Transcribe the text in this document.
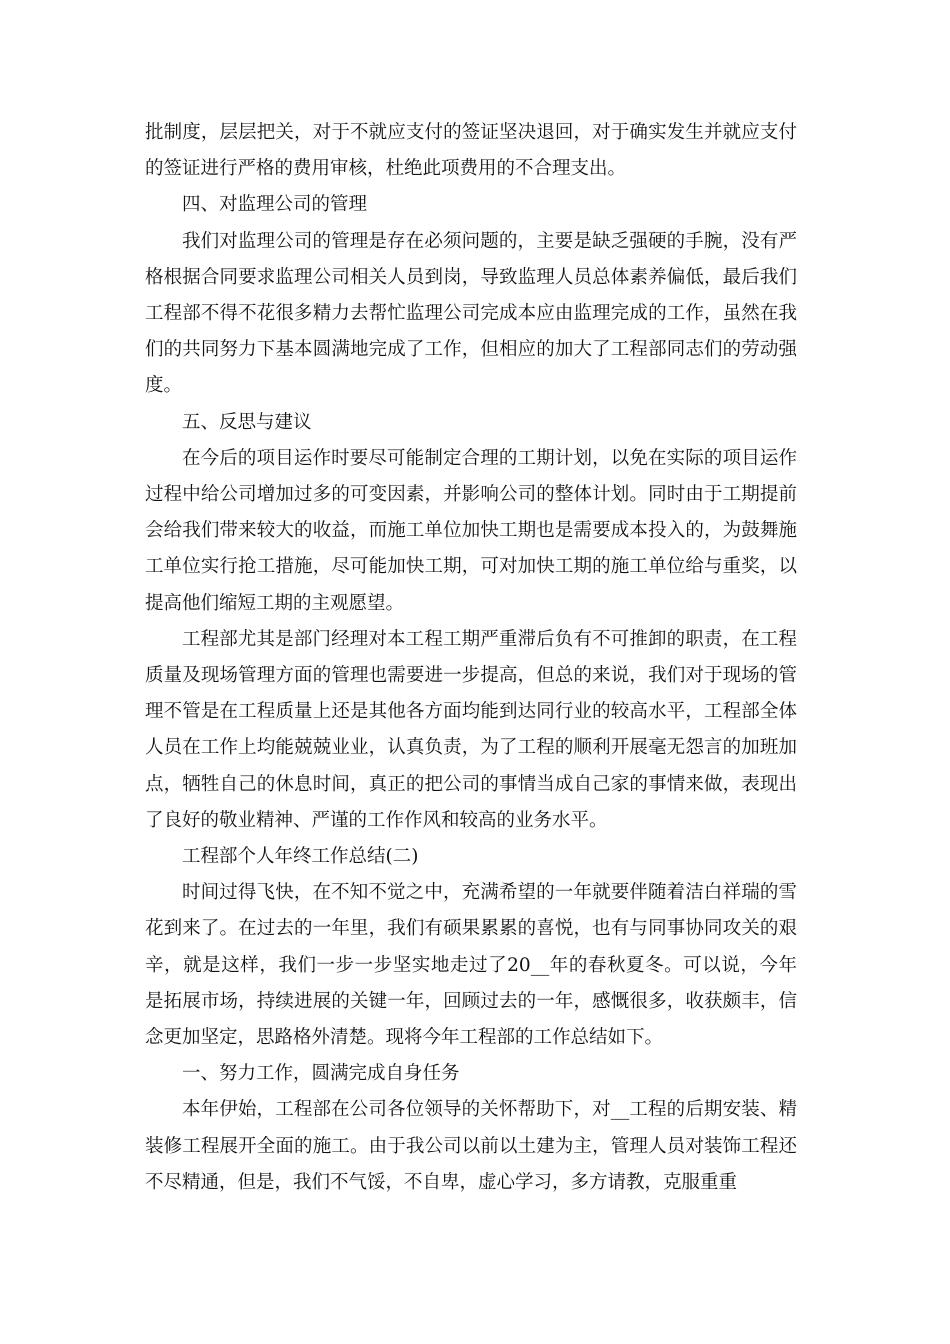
批制度，层层把关，对于不就应支付的签证坚决退回，对于确实发生并就应支付的签证进行严格的费用审核，杜绝此项费用的不合理支出。

四、对监理公司的管理

我们对监理公司的管理是存在必须问题的，主要是缺乏强硬的手腕，没有严格根据合同要求监理公司相关人员到岗，导致监理人员总体素养偏低，最后我们工程部不得不花很多精力去帮忙监理公司完成本应由监理完成的工作，虽然在我们的共同努力下基本圆满地完成了工作，但相应的加大了工程部同志们的劳动强度。

五、反思与建议

在今后的项目运作时要尽可能制定合理的工期计划，以免在实际的项目运作过程中给公司增加过多的可变因素，并影响公司的整体计划。同时由于工期提前会给我们带来较大的收益，而施工单位加快工期也是需要成本投入的，为鼓舞施工单位实行抢工措施，尽可能加快工期，可对加快工期的施工单位给与重奖，以提高他们缩短工期的主观愿望。

工程部尤其是部门经理对本工程工期严重滞后负有不可推卸的职责，在工程质量及现场管理方面的管理也需要进一步提高，但总的来说，我们对于现场的管理不管是在工程质量上还是其他各方面均能到达同行业的较高水平，工程部全体人员在工作上均能兢兢业业，认真负责，为了工程的顺利开展毫无怨言的加班加点，牺牲自己的休息时间，真正的把公司的事情当成自己家的事情来做，表现出了良好的敬业精神、严谨的工作作风和较高的业务水平。

工程部个人年终工作总结(二)

时间过得飞快，在不知不觉之中，充满希望的一年就要伴随着洁白祥瑞的雪花到来了。在过去的一年里，我们有硕果累累的喜悦，也有与同事协同攻关的艰辛，就是这样，我们一步一步坚实地走过了20__年的春秋夏冬。可以说，今年是拓展市场，持续进展的关键一年，回顾过去的一年，感慨很多，收获颇丰，信念更加坚定，思路格外清楚。现将今年工程部的工作总结如下。

一、努力工作，圆满完成自身任务

本年伊始，工程部在公司各位领导的关怀帮助下，对__工程的后期安装、精装修工程展开全面的施工。由于我公司以前以土建为主，管理人员对装饰工程还不尽精通，但是，我们不气馁，不自卑，虚心学习，多方请教，克服重重
